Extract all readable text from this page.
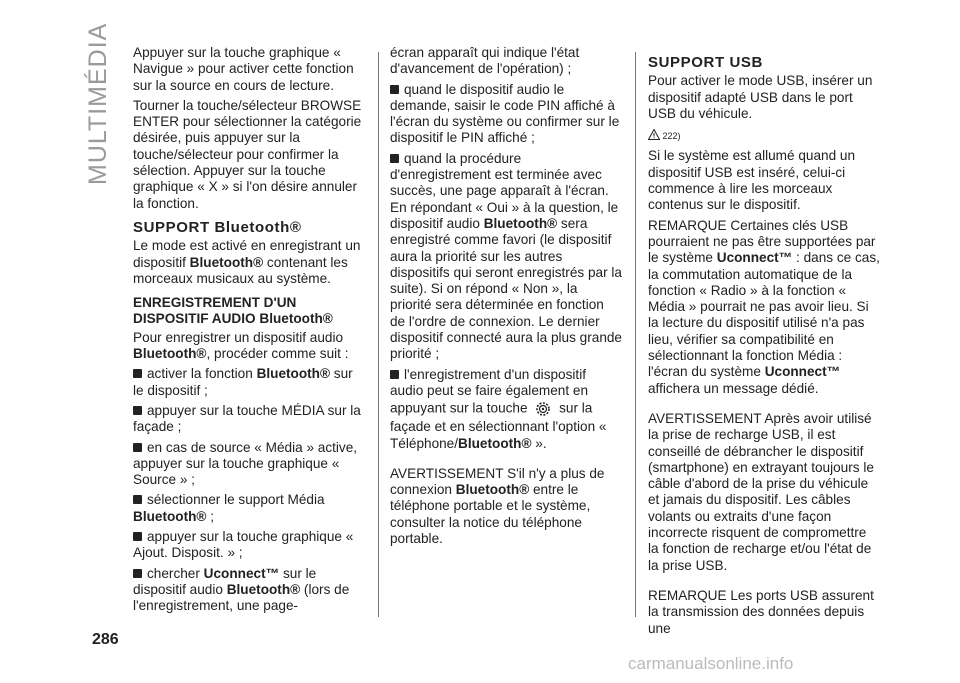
MULTIMÉDIA
286
carmanualsonline.info

Appuyer sur la touche graphique « Navigue » pour activer cette fonction sur la source en cours de lecture.

Tourner la touche/sélecteur BROWSE ENTER pour sélectionner la catégorie désirée, puis appuyer sur la touche/sélecteur pour confirmer la sélection. Appuyer sur la touche graphique « X » si l'on désire annuler la fonction.

SUPPORT Bluetooth®

Le mode est activé en enregistrant un dispositif Bluetooth® contenant les morceaux musicaux au système.

ENREGISTREMENT D'UN DISPOSITIF AUDIO Bluetooth®

Pour enregistrer un dispositif audio Bluetooth®, procéder comme suit :

activer la fonction Bluetooth® sur le dispositif ;

appuyer sur la touche MÉDIA sur la façade ;

en cas de source « Média » active, appuyer sur la touche graphique « Source » ;

sélectionner le support Média Bluetooth® ;

appuyer sur la touche graphique « Ajout. Disposit. » ;

chercher Uconnect™ sur le dispositif audio Bluetooth® (lors de l'enregistrement, une page-

écran apparaît qui indique l'état d'avancement de l'opération) ;

quand le dispositif audio le demande, saisir le code PIN affiché à l'écran du système ou confirmer sur le dispositif le PIN affiché ;

quand la procédure d'enregistrement est terminée avec succès, une page apparaît à l'écran. En répondant « Oui » à la question, le dispositif audio Bluetooth® sera enregistré comme favori (le dispositif aura la priorité sur les autres dispositifs qui seront enregistrés par la suite). Si on répond « Non », la priorité sera déterminée en fonction de l'ordre de connexion. Le dernier dispositif connecté aura la plus grande priorité ;

l'enregistrement d'un dispositif audio peut se faire également en appuyant sur la touche  sur la façade et en sélectionnant l'option « Téléphone/Bluetooth® ».

AVERTISSEMENT S'il n'y a plus de connexion Bluetooth® entre le téléphone portable et le système, consulter la notice du téléphone portable.

SUPPORT USB

Pour activer le mode USB, insérer un dispositif adapté USB dans le port USB du véhicule.

222)

Si le système est allumé quand un dispositif USB est inséré, celui-ci commence à lire les morceaux contenus sur le dispositif.

REMARQUE Certaines clés USB pourraient ne pas être supportées par le système Uconnect™ : dans ce cas, la commutation automatique de la fonction « Radio » à la fonction « Média » pourrait ne pas avoir lieu. Si la lecture du dispositif utilisé n'a pas lieu, vérifier sa compatibilité en sélectionnant la fonction Média : l'écran du système Uconnect™ affichera un message dédié.

AVERTISSEMENT Après avoir utilisé la prise de recharge USB, il est conseillé de débrancher le dispositif (smartphone) en extrayant toujours le câble d'abord de la prise du véhicule et jamais du dispositif. Les câbles volants ou extraits d'une façon incorrecte risquent de compromettre la fonction de recharge et/ou l'état de la prise USB.

REMARQUE Les ports USB assurent la transmission des données depuis une
